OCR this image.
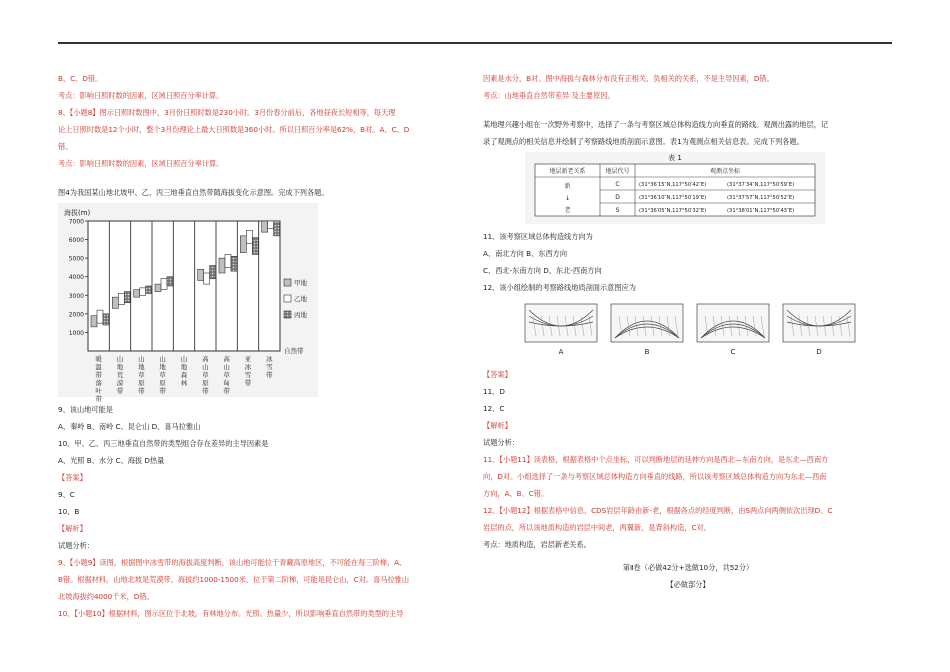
B、C、D错。
考点：影响日照时数的因素，区域日照百分率计算。
8、【小题8】图示日照时数图中，3月份日照时数是230小时。3月份春分前后，各地昼夜长短相等，每天理
论上日照时数是12个小时，整个3月份理论上最大日照数是360小时。所以日照百分率是62%，B对。A、C、D
错。
考点：影响日照时数的因素，区域日照百分率计算。
图4为我国某山地北坡甲、乙、丙三地垂直自然带随海拔变化示意图。完成下列各题。
海拔(m)
7000
6000
5000
4000
3000
2000
1000
甲地
乙地
丙地
自然带
暖
温
带
落
叶
带
山
地
荒
漠
带
山
地
草
原
带
山
地
草
原
带
山
地
森
林
高
山
草
原
带
高
山
草
甸
带
亚
冰
雪
带
冰
雪
带
9、该山地可能是
A、秦岭 B、南岭 C、昆仑山 D、喜马拉雅山
10、甲、乙、丙三地垂直自然带的类型组合存在差异的主导因素是
A、光照 B、水分 C、海拔 D热量
【答案】
9、C
10、B
【解析】
试题分析：
9、【小题9】读图，根据图中冰雪带的海拔高度判断，该山地可能位于青藏高原地区，不可能在每三阶梯，A、
B错。根据材料，山地北坡是荒漠带，海拔约1000-1500米，位于第二阶梯，可能是昆仑山，C对。喜马拉雅山
北坡海拔约4000千米，D错。
10、【小题10】根据材料，图示区位于北坡，有林地分布。光照、热量少，所以影响垂直自然带的类型的主导
因素是水分，B对。图中海拔与森林分布没有正相关、负相关的关系，不是主导因素，D错。
考点：山地垂直自然带差异 及主要原因。
某地理兴趣小组在一次野外考察中，选择了一条与考察区域总体构造线方向垂直的路线。观测出露的地层，记
录了观测点的相关信息并绘制了考察路线地质剖面示意图。表1为观测点相关信息表。完成下列各题。
表 1
地层新老关系	地层代号	观测点坐标
新
↓
老
C	(31°36′15″N,117°50′42″E)	(31°37′34″N,117°50′59″E)
D	(31°36′10″N,117°50′19″E)	(31°37′57″N,117°50′52″E)
S	(31°36′05″N,117°50′32″E)	(31°38′01″N,117°50′43″E)
11、该考察区域总体构造线方向为
A、南北方向 B、东西方向
C、西北-东南方向 D、东北-西南方向
12、该小组绘制的考察路线地质剖面示意图应为
A	B	C	D
【答案】
11、D
12、C
【解析】
试题分析：
11、【小题11】读表格，根据表格中个点坐标，可以判断地层的延伸方向是西北—东南方向，是东北—西南方
向，D对。小组选择了一条与考察区域总体构造方向垂直的线路，所以该考察区域总体构造方向为东北—西南
方向，A、B、C错。
12、【小题12】根据表格中信息，CDS岩层年龄由新-老，根据各点的经度判断，由S两点向两侧依次出现D、C
岩层的点，所以该地质构造的岩层中间老，两翼新，是背斜构造，C对。
考点：地质构造，岩层新老关系。
第Ⅱ卷（必做42分+选做10分，共52分）
【必做部分】
